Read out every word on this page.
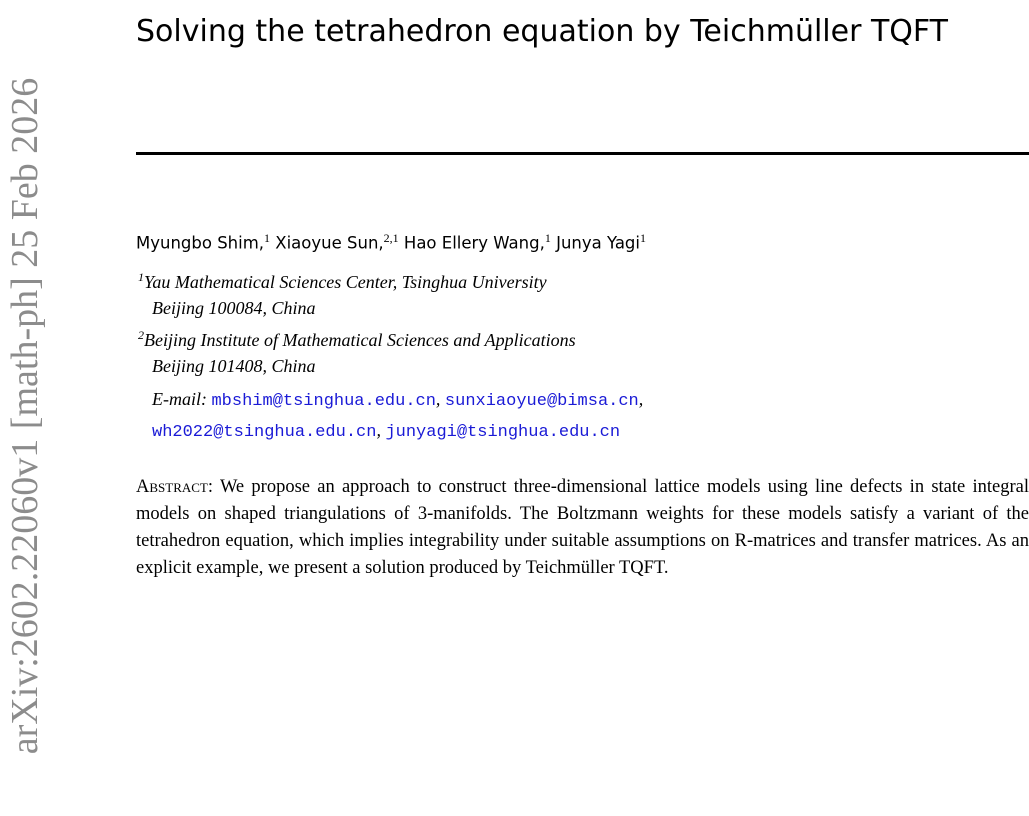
arXiv:2602.22060v1 [math-ph] 25 Feb 2026
Solving the tetrahedron equation by Teichmüller TQFT
Myungbo Shim,$^1$ Xiaoyue Sun,$^{2,1}$ Hao Ellery Wang,$^1$ Junya Yagi$^1$
$^1$Yau Mathematical Sciences Center, Tsinghua University
Beijing 100084, China
$^2$Beijing Institute of Mathematical Sciences and Applications
Beijing 101408, China
E-mail: mbshim@tsinghua.edu.cn, sunxiaoyue@bimsa.cn,
wh2022@tsinghua.edu.cn, junyagi@tsinghua.edu.cn
Abstract: We propose an approach to construct three-dimensional lattice models using line defects in state integral models on shaped triangulations of 3-manifolds. The Boltzmann weights for these models satisfy a variant of the tetrahedron equation, which implies integrability under suitable assumptions on R-matrices and transfer matrices. As an explicit example, we present a solution produced by Teichmüller TQFT.
